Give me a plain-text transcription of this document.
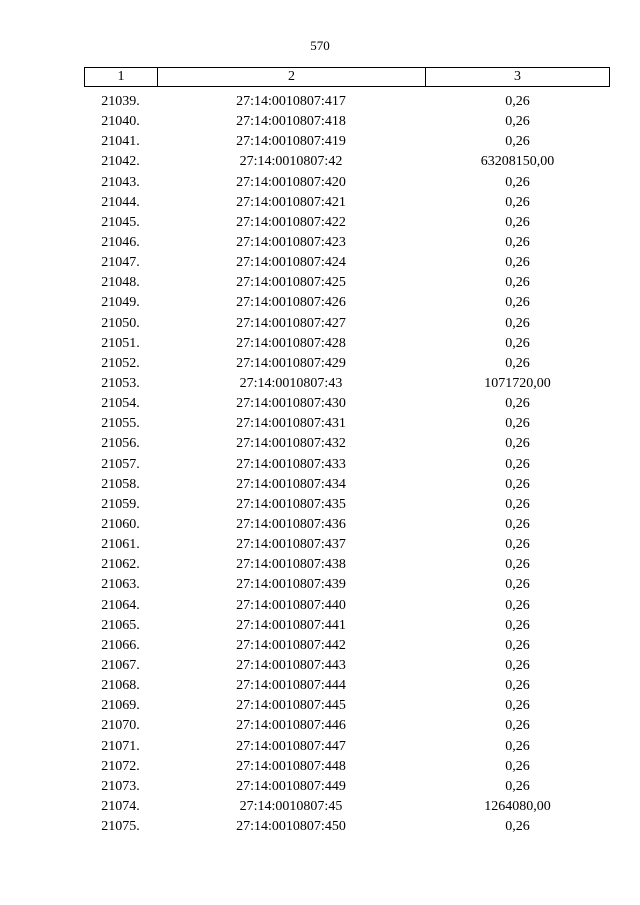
570
1	2	3
21039.	27:14:0010807:417	0,26
21040.	27:14:0010807:418	0,26
21041.	27:14:0010807:419	0,26
21042.	27:14:0010807:42	63208150,00
21043.	27:14:0010807:420	0,26
21044.	27:14:0010807:421	0,26
21045.	27:14:0010807:422	0,26
21046.	27:14:0010807:423	0,26
21047.	27:14:0010807:424	0,26
21048.	27:14:0010807:425	0,26
21049.	27:14:0010807:426	0,26
21050.	27:14:0010807:427	0,26
21051.	27:14:0010807:428	0,26
21052.	27:14:0010807:429	0,26
21053.	27:14:0010807:43	1071720,00
21054.	27:14:0010807:430	0,26
21055.	27:14:0010807:431	0,26
21056.	27:14:0010807:432	0,26
21057.	27:14:0010807:433	0,26
21058.	27:14:0010807:434	0,26
21059.	27:14:0010807:435	0,26
21060.	27:14:0010807:436	0,26
21061.	27:14:0010807:437	0,26
21062.	27:14:0010807:438	0,26
21063.	27:14:0010807:439	0,26
21064.	27:14:0010807:440	0,26
21065.	27:14:0010807:441	0,26
21066.	27:14:0010807:442	0,26
21067.	27:14:0010807:443	0,26
21068.	27:14:0010807:444	0,26
21069.	27:14:0010807:445	0,26
21070.	27:14:0010807:446	0,26
21071.	27:14:0010807:447	0,26
21072.	27:14:0010807:448	0,26
21073.	27:14:0010807:449	0,26
21074.	27:14:0010807:45	1264080,00
21075.	27:14:0010807:450	0,26
